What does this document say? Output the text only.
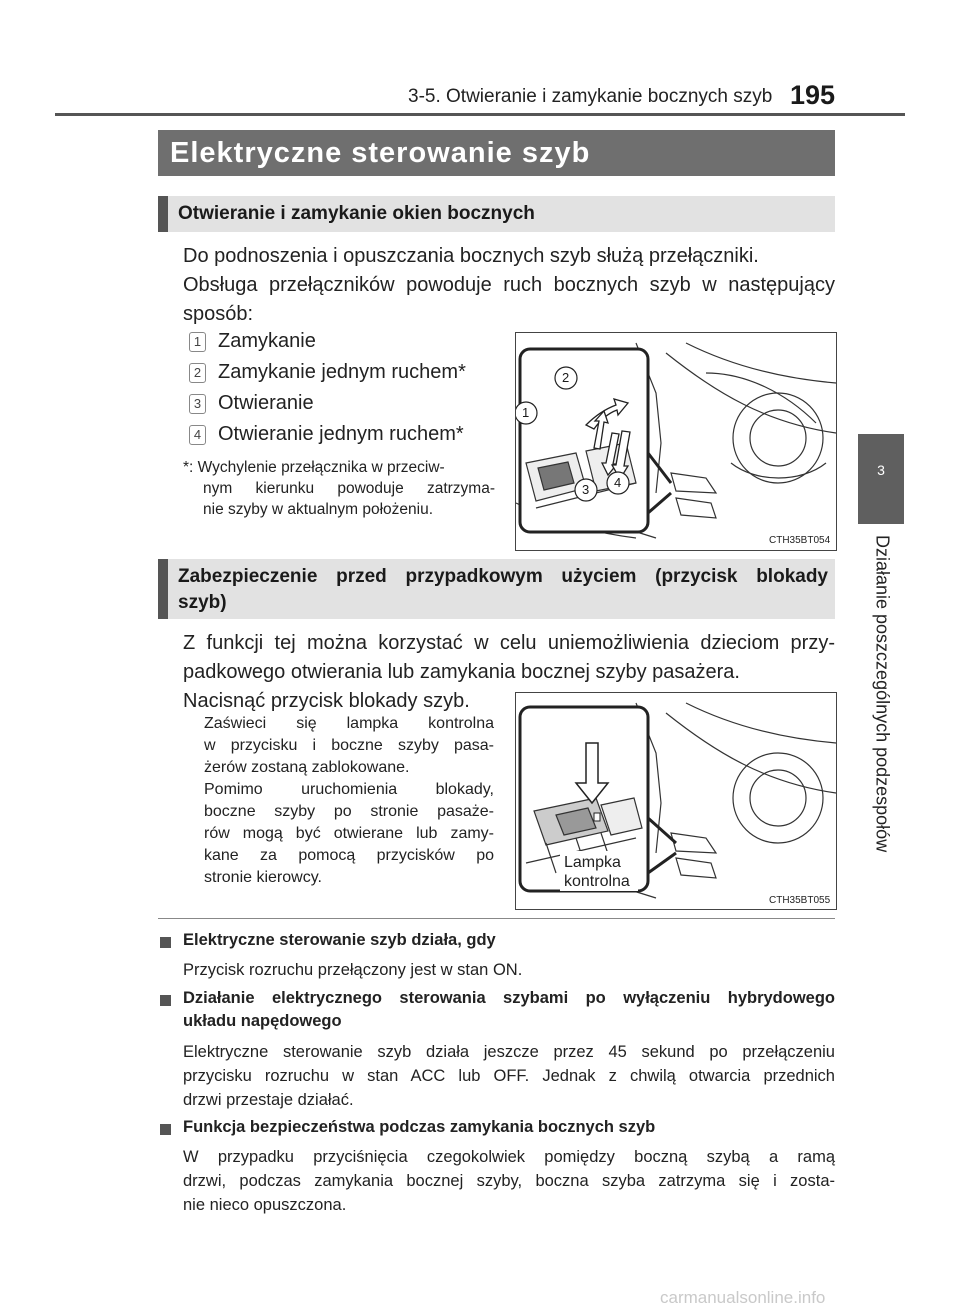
3-5. Otwieranie i zamykanie bocznych szyb 195
3
Działanie poszczególnych podzespołów
Elektryczne sterowanie szyb
Otwieranie i zamykanie okien bocznych
Do podnoszenia i opuszczania bocznych szyb służą przełączniki.
Obsługa przełączników powoduje ruch bocznych szyb w następujący
sposób:
1 Zamykanie
2 Zamykanie jednym ruchem*
3 Otwieranie
4 Otwieranie jednym ruchem*
*: Wychylenie przełącznika w przeciw-
nym kierunku powoduje zatrzyma-
nie szyby w aktualnym położeniu.
2
1
3 4
CTH35BT054
Zabezpieczenie przed przypadkowym użyciem (przycisk blokady
szyb)
Z funkcji tej można korzystać w celu uniemożliwienia dzieciom przy-
padkowego otwierania lub zamykania bocznej szyby pasażera.
Nacisnąć przycisk blokady szyb.
Zaświeci się lampka kontrolna
w przycisku i boczne szyby pasa-
żerów zostaną zablokowane.
Pomimo uruchomienia blokady,
boczne szyby po stronie pasaże-
rów mogą być otwierane lub zamy-
kane za pomocą przycisków po
stronie kierowcy.
Lampka
kontrolna
CTH35BT055
Elektryczne sterowanie szyb działa, gdy
Przycisk rozruchu przełączony jest w stan ON.
Działanie elektrycznego sterowania szybami po wyłączeniu hybrydowego
układu napędowego
Elektryczne sterowanie szyb działa jeszcze przez 45 sekund po przełączeniu
przycisku rozruchu w stan ACC lub OFF. Jednak z chwilą otwarcia przednich
drzwi przestaje działać.
Funkcja bezpieczeństwa podczas zamykania bocznych szyb
W przypadku przyciśnięcia czegokolwiek pomiędzy boczną szybą a ramą
drzwi, podczas zamykania bocznej szyby, boczna szyba zatrzyma się i zosta-
nie nieco opuszczona.
carmanualsonline.info
